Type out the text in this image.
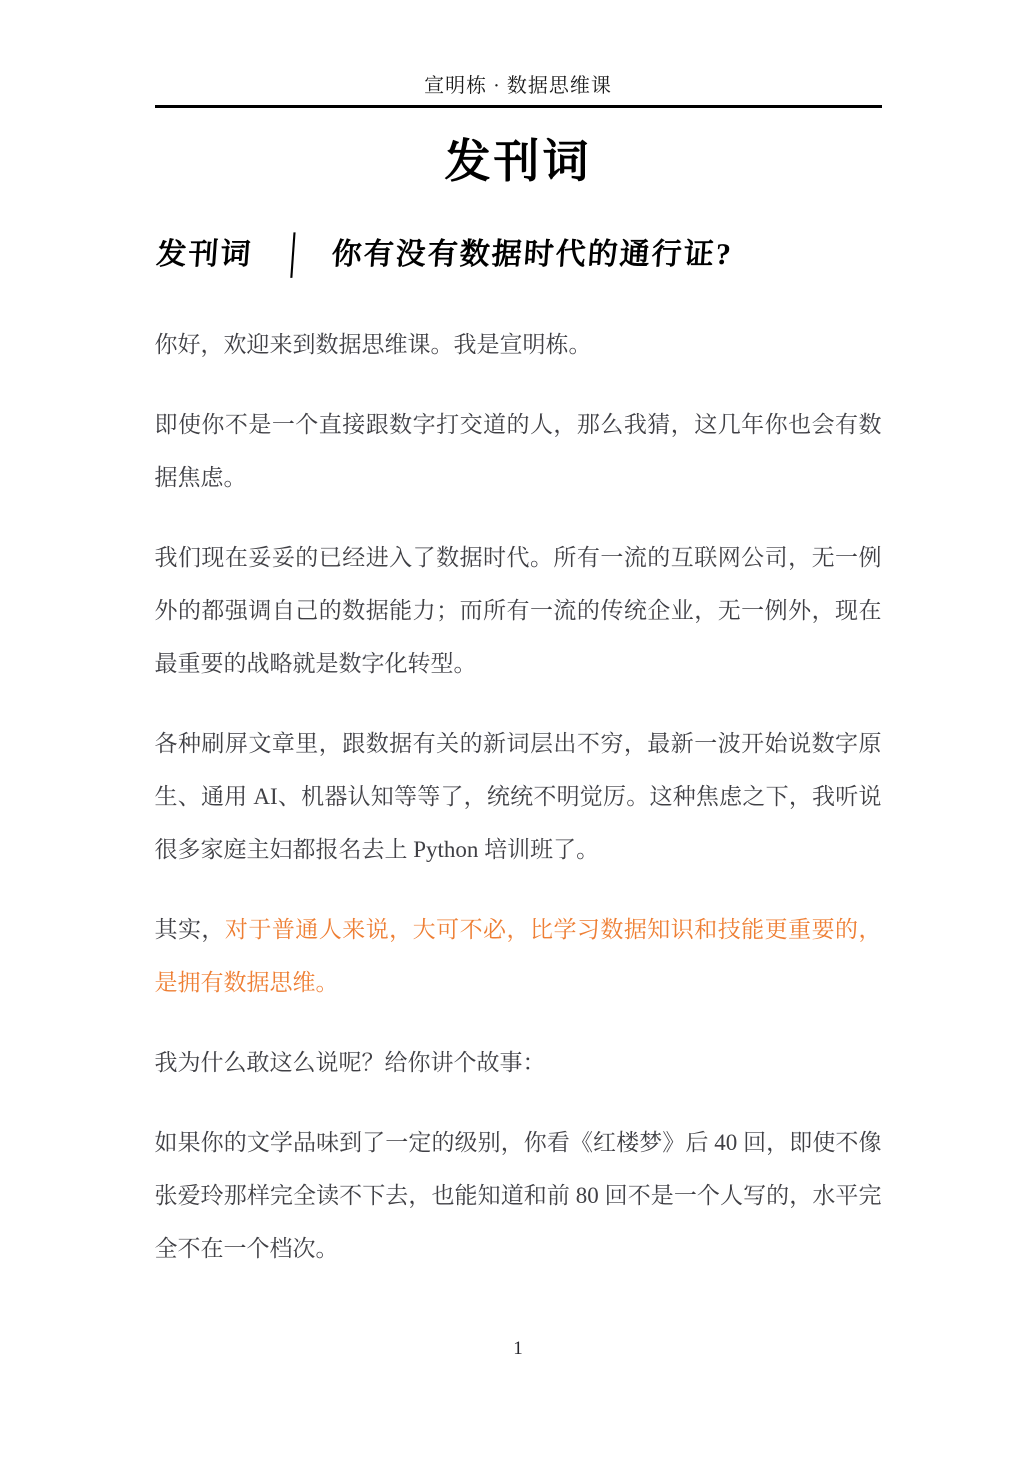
宣明栋 · 数据思维课
发刊词
发刊词 │ 你有没有数据时代的通行证?

你好，欢迎来到数据思维课。我是宣明栋。

即使你不是一个直接跟数字打交道的人，那么我猜，这几年你也会有数据焦虑。

我们现在妥妥的已经进入了数据时代。所有一流的互联网公司，无一例外的都强调自己的数据能力；而所有一流的传统企业，无一例外，现在最重要的战略就是数字化转型。

各种刷屏文章里，跟数据有关的新词层出不穷，最新一波开始说数字原生、通用 AI、机器认知等等了，统统不明觉厉。这种焦虑之下，我听说很多家庭主妇都报名去上 Python 培训班了。

其实，对于普通人来说，大可不必，比学习数据知识和技能更重要的，是拥有数据思维。

我为什么敢这么说呢？给你讲个故事：

如果你的文学品味到了一定的级别，你看《红楼梦》后 40 回，即使不像张爱玲那样完全读不下去，也能知道和前 80 回不是一个人写的，水平完全不在一个档次。

1
